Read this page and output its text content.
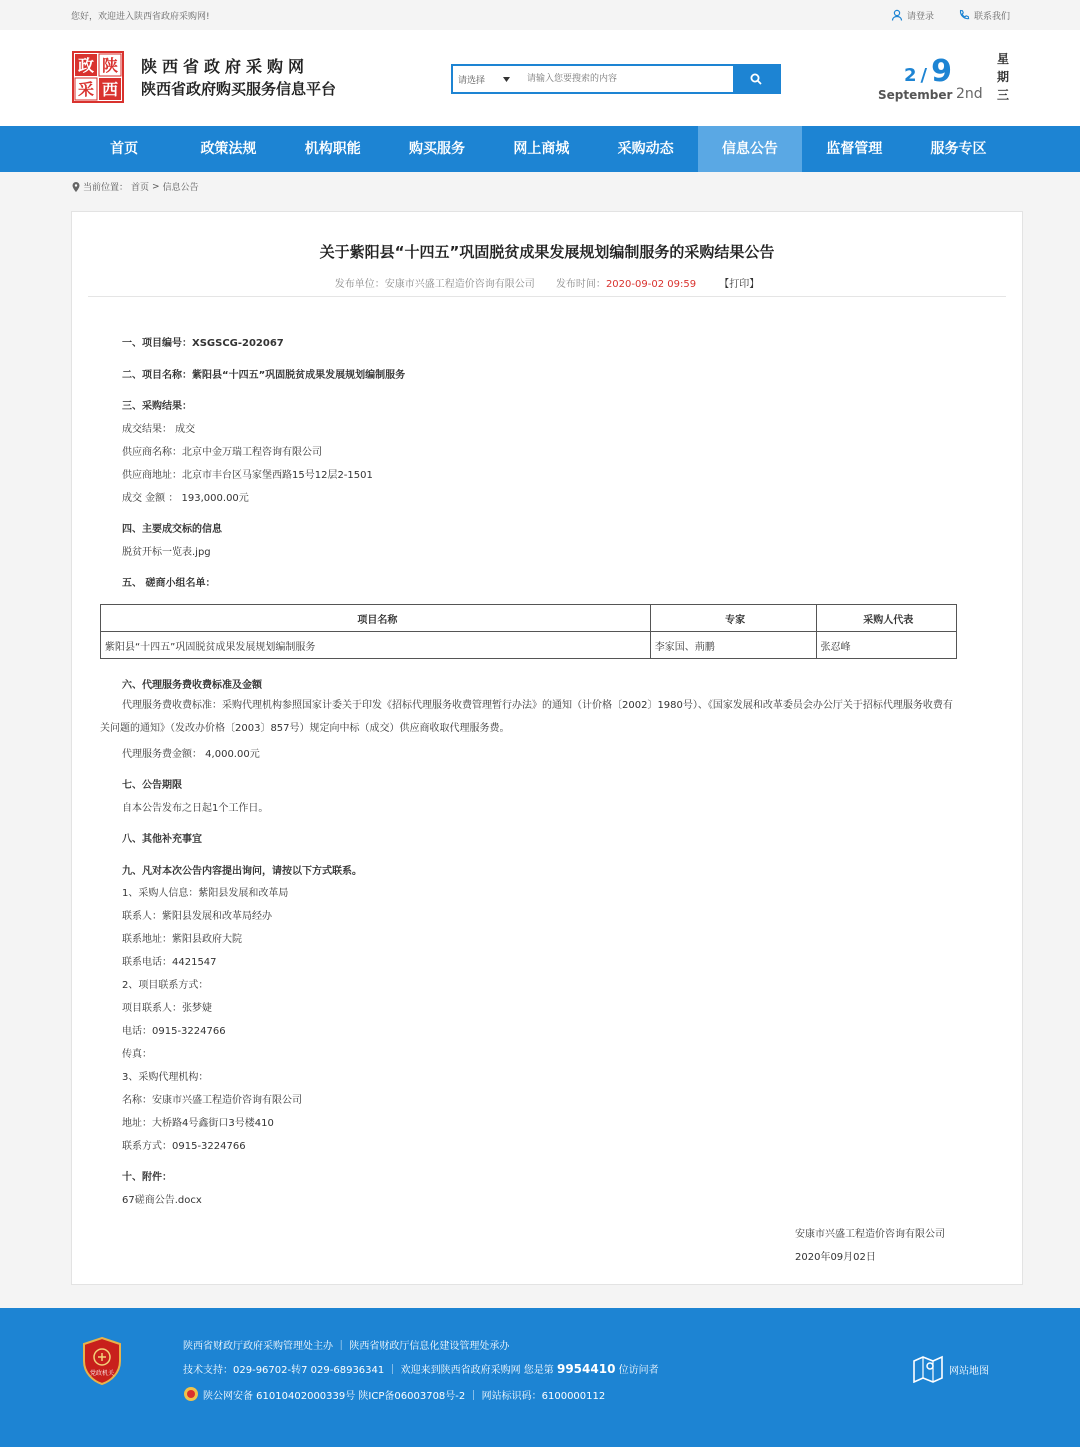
您好，欢迎进入陕西省政府采购网!	请登录	联系我们
政 陕
采 西
陕西省政府采购网
陕西省政府购买服务信息平台	请选择
请输入您要搜索的内容	2 / 9
September 2nd
星
期
三
首页	政策法规	机构职能	购买服务	网上商城	采购动态	信息公告	监督管理	服务专区
当前位置： 首页 > 信息公告
关于紫阳县“十四五”巩固脱贫成果发展规划编制服务的采购结果公告
发布单位：安康市兴盛工程造价咨询有限公司 发布时间：2020-09-02 09:59 【打印】
一、项目编号：XSGSCG-202067
二、项目名称：紫阳县“十四五”巩固脱贫成果发展规划编制服务
三、采购结果：
成交结果： 成交
供应商名称：北京中金万瑞工程咨询有限公司
供应商地址：北京市丰台区马家堡西路15号12层2-1501
成交 金额 ： 193,000.00元
四、主要成交标的信息
脱贫开标一览表.jpg
五、 磋商小组名单：
项目名称	专家	采购人代表
紫阳县“十四五”巩固脱贫成果发展规划编制服务	李家国、荊鹏	张忍峰
六、代理服务费收费标准及金额
代理服务费收费标准：采购代理机构参照国家计委关于印发《招标代理服务收费管理暂行办法》的通知（计价格〔2002〕1980号）、《国家发展和改革委员会办公厅关于招标代理服务收费有关问题的通知》（发改办价格〔2003〕857号）规定向中标（成交）供应商收取代理服务费。
代理服务费金额： 4,000.00元
七、公告期限
自本公告发布之日起1个工作日。
八、其他补充事宜
九、凡对本次公告内容提出询问，请按以下方式联系。
1、采购人信息：紫阳县发展和改革局
联系人：紫阳县发展和改革局经办
联系地址：紫阳县政府大院
联系电话：4421547
2、项目联系方式：
项目联系人：张梦婕
电话：0915-3224766
传真：
3、采购代理机构：
名称：安康市兴盛工程造价咨询有限公司
地址：大桥路4号鑫街口3号楼410
联系方式：0915-3224766
十、附件：
67磋商公告.docx
安康市兴盛工程造价咨询有限公司
2020年09月02日
党政机关
陕西省财政厅政府采购管理处主办 ｜ 陕西省财政厅信息化建设管理处承办
技术支持：029-96702-转7 029-68936341 ｜ 欢迎来到陕西省政府采购网 您是第 9954410 位访问者
陕公网安备 61010402000339号 陕ICP备06003708号-2 ｜ 网站标识码：6100000112
网站地图
